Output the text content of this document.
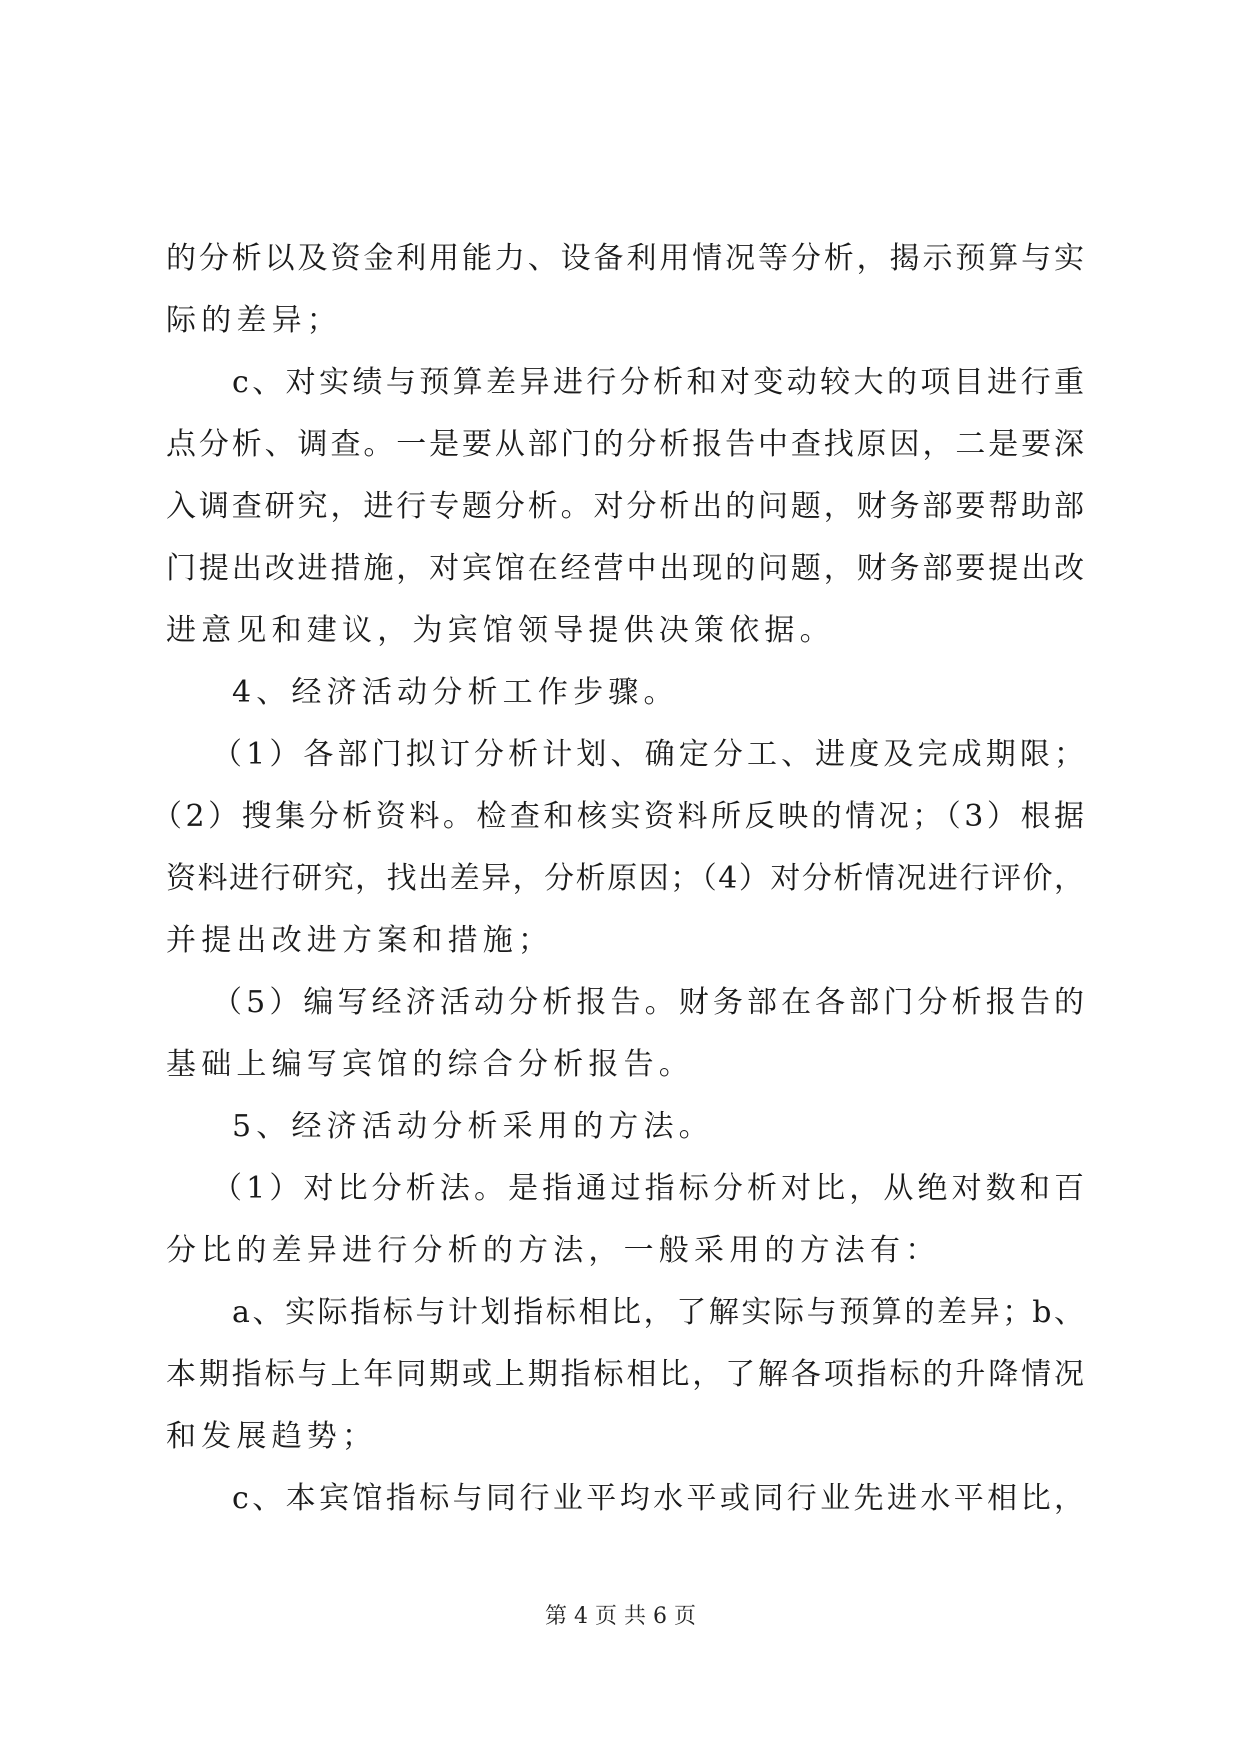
的分析以及资金利用能力、设备利用情况等分析，揭示预算与实
际的差异；
c、对实绩与预算差异进行分析和对变动较大的项目进行重
点分析、调查。一是要从部门的分析报告中查找原因，二是要深
入调查研究，进行专题分析。对分析出的问题，财务部要帮助部
门提出改进措施，对宾馆在经营中出现的问题，财务部要提出改
进意见和建议，为宾馆领导提供决策依据。
4、经济活动分析工作步骤。
（1）各部门拟订分析计划、确定分工、进度及完成期限；
（2）搜集分析资料。检查和核实资料所反映的情况；（3）根据
资料进行研究，找出差异，分析原因；（4）对分析情况进行评价，
并提出改进方案和措施；
（5）编写经济活动分析报告。财务部在各部门分析报告的
基础上编写宾馆的综合分析报告。
5、经济活动分析采用的方法。
（1）对比分析法。是指通过指标分析对比，从绝对数和百
分比的差异进行分析的方法，一般采用的方法有：
a、实际指标与计划指标相比，了解实际与预算的差异；b、
本期指标与上年同期或上期指标相比，了解各项指标的升降情况
和发展趋势；
c、本宾馆指标与同行业平均水平或同行业先进水平相比，
第 4 页 共 6 页
